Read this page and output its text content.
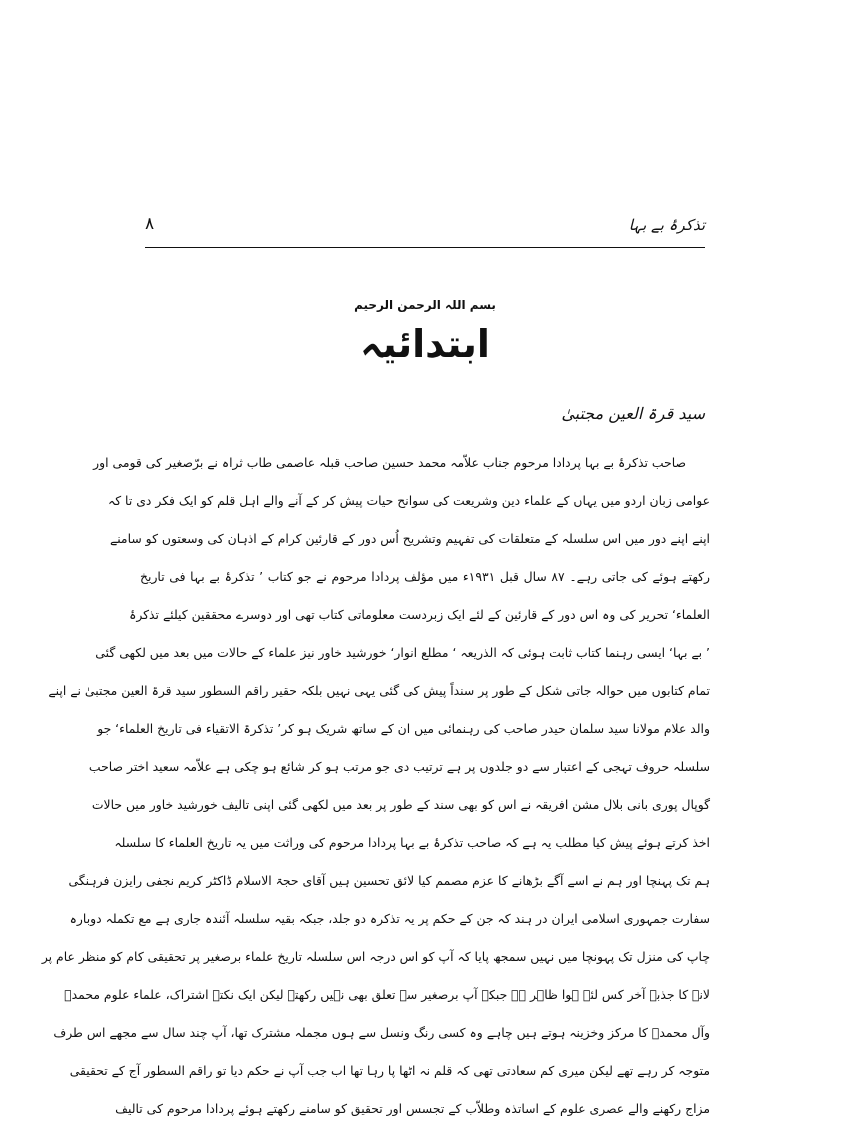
تذکرۂ بے بہا
۸
بسم اللہ الرحمن الرحیم
ابتدائیہ
سید قرۃ العین مجتبیٰ
صاحب تذکرۂ بے بہا پردادا مرحوم جناب علاّمہ محمد حسین صاحب قبلہ عاصمی طاب ثراہ نے برّصغیر کی قومی اور
عوامی زبان اردو میں یہاں کے علماء دین وشریعت کی سوانح حیات پیش کر کے آنے والے اہل قلم کو ایک فکر دی تا کہ
اپنے اپنے دور میں اس سلسلہ کے متعلقات کی تفہیم وتشریح اُس دور کے قارئین کرام کے اذہان کی وسعتوں کو سامنے
رکھتے ہوئے کی جاتی رہے۔ ۸۷ سال قبل ۱۹۳۱ء میں مؤلف پردادا مرحوم نے جو کتاب ’ تذکرۂ بے بہا فی تاریخ
العلماء‘ تحریر کی وہ اس دور کے قارئین کے لئے ایک زبردست معلوماتی کتاب تھی اور دوسرے محققین کیلئے تذکرۂ
’ بے بہا‘ ایسی رہنما کتاب ثابت ہوئی کہ الذریعہ ‘ مطلع انوار‘ خورشید خاور نیز علماء کے حالات میں بعد میں لکھی گئی
تمام کتابوں میں حوالہ جاتی شکل کے طور پر سنداً پیش کی گئی یہی نہیں بلکہ حقیر راقم السطور سید قرۃ العین مجتبیٰ نے اپنے
والد علام مولانا سید سلمان حیدر صاحب کی رہنمائی میں ان کے ساتھ شریک ہو کر’ تذکرۃ الاتقیاء فی تاریخ العلماء‘ جو
سلسلہ حروف تہجی کے اعتبار سے دو جلدوں پر ہے ترتیب دی جو مرتب ہو کر شائع ہو چکی ہے علاّمہ سعید اختر صاحب
گوپال پوری بانی بلال مشن افریقہ نے اس کو بھی سند کے طور پر بعد میں لکھی گئی اپنی تالیف خورشید خاور میں حالات
اخذ کرتے ہوئے پیش کیا مطلب یہ ہے کہ صاحب تذکرۂ بے بہا پردادا مرحوم کی وراثت میں یہ تاریخ العلماء کا سلسلہ
ہم تک پہنچا اور ہم نے اسے آگے بڑھانے کا عزم مصمم کیا لائق تحسین ہیں آقای حجۃ الاسلام ڈاکٹر کریم نجفی رایزن فرہنگی
سفارت جمہوری اسلامی ایران در ہند کہ جن کے حکم پر یہ تذکرہ دو جلد، جبکہ بقیہ سلسلہ آئندہ جاری ہے مع تکملہ دوبارہ
چاپ کی منزل تک پہونچا میں نہیں سمجھ پایا کہ آپ کو اس درجہ اس سلسلہ تاریخ علماء برصغیر پر تحقیقی کام کو منظر عام پر
لانے کا جذبہ آخر کس لئے ہوا ظاہر ہے جبکہ آپ برصغیر سے تعلق بھی نہیں رکھتے لیکن ایک نکتہ اشتراک، علماء علوم محمدؐ
وآل محمدؐ کا مرکز وخزینہ ہوتے ہیں چاہے وہ کسی رنگ ونسل سے ہوں مجملہ مشترک تھا، آپ چند سال سے مجھے اس طرف
متوجہ کر رہے تھے لیکن میری کم سعادتی تھی کہ قلم نہ اٹھا پا رہا تھا اب جب آپ نے حکم دیا تو راقم السطور آج کے تحقیقی
مزاج رکھنے والے عصری علوم کے اساتذہ وطلاّب کے تجسس اور تحقیق کو سامنے رکھتے ہوئے پردادا مرحوم کی تالیف
